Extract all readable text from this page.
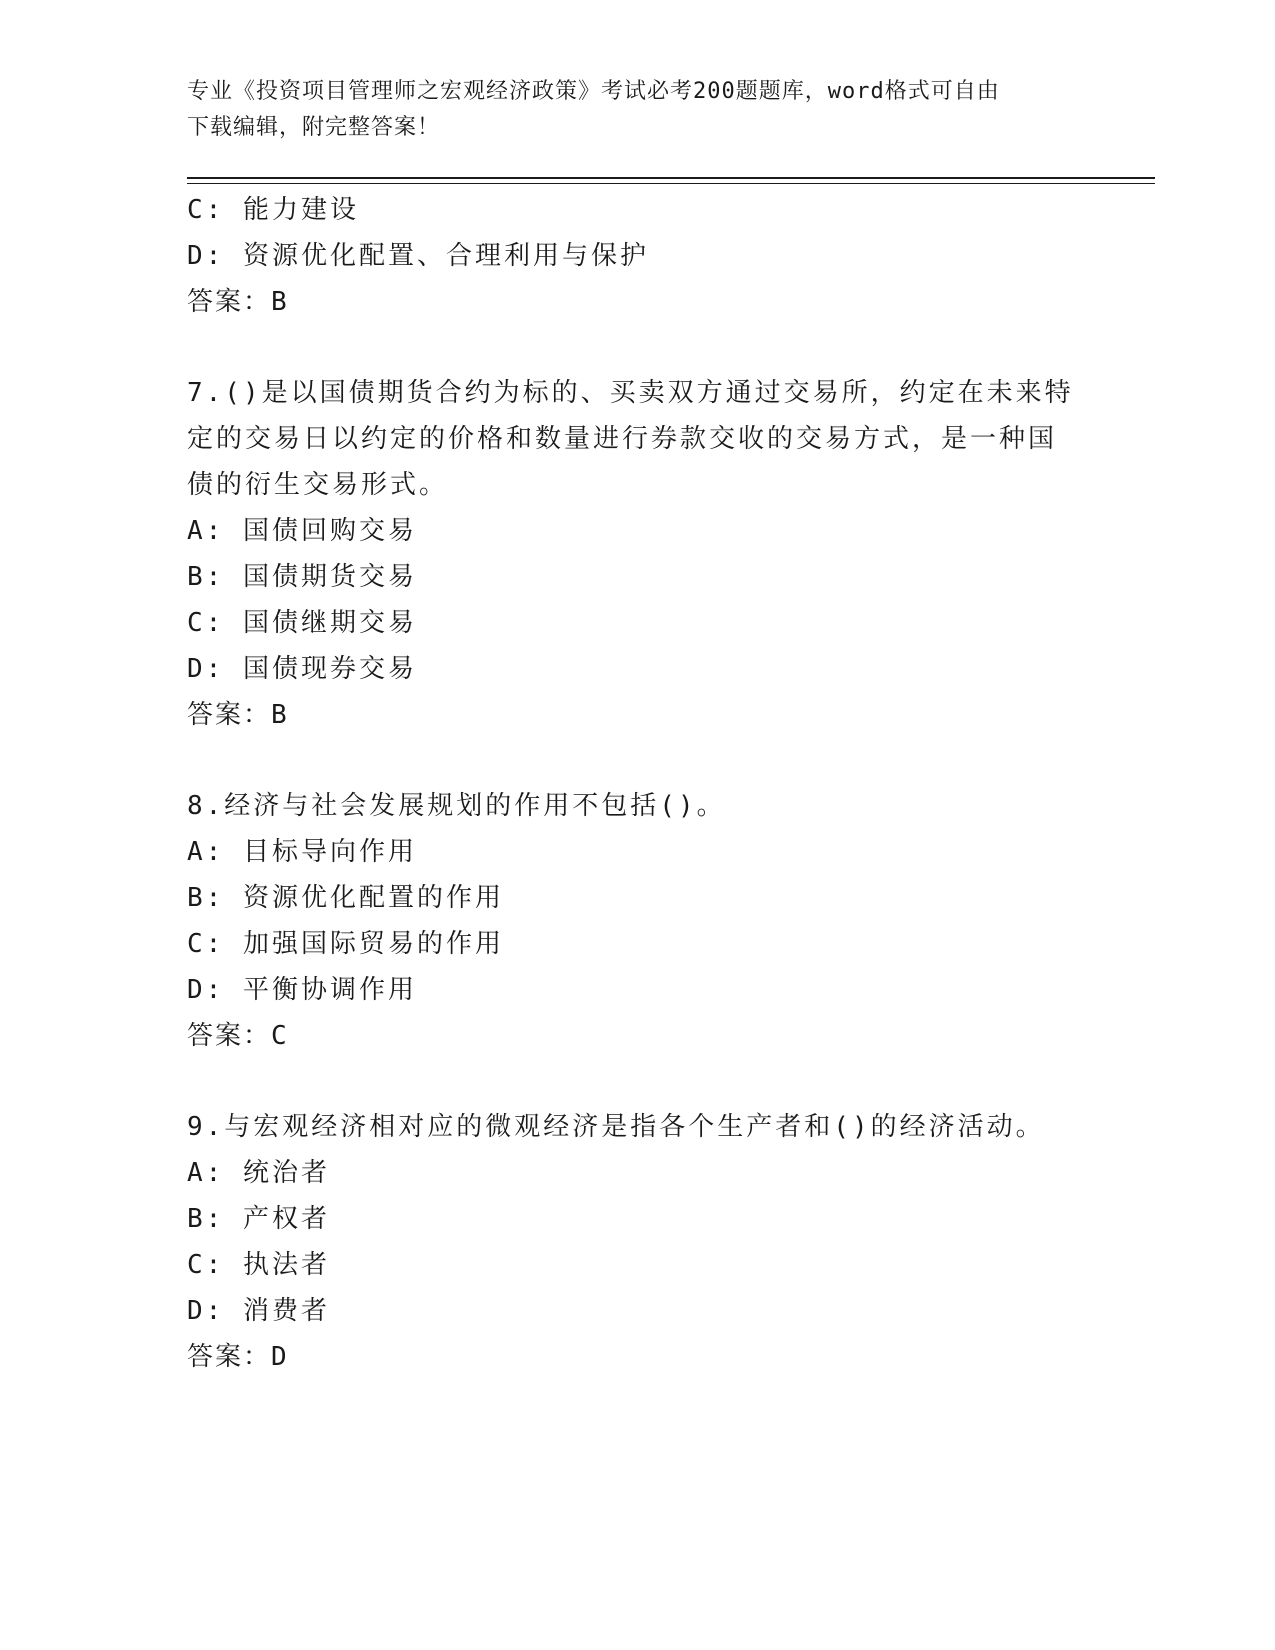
专业《投资项目管理师之宏观经济政策》考试必考200题题库，word格式可自由
下载编辑，附完整答案！
C: 能力建设
D: 资源优化配置、合理利用与保护
答案：B
7.()是以国债期货合约为标的、买卖双方通过交易所，约定在未来特
定的交易日以约定的价格和数量进行券款交收的交易方式，是一种国
债的衍生交易形式。
A: 国债回购交易
B: 国债期货交易
C: 国债继期交易
D: 国债现券交易
答案：B
8.经济与社会发展规划的作用不包括()。
A: 目标导向作用
B: 资源优化配置的作用
C: 加强国际贸易的作用
D: 平衡协调作用
答案：C
9.与宏观经济相对应的微观经济是指各个生产者和()的经济活动。
A: 统治者
B: 产权者
C: 执法者
D: 消费者
答案：D
